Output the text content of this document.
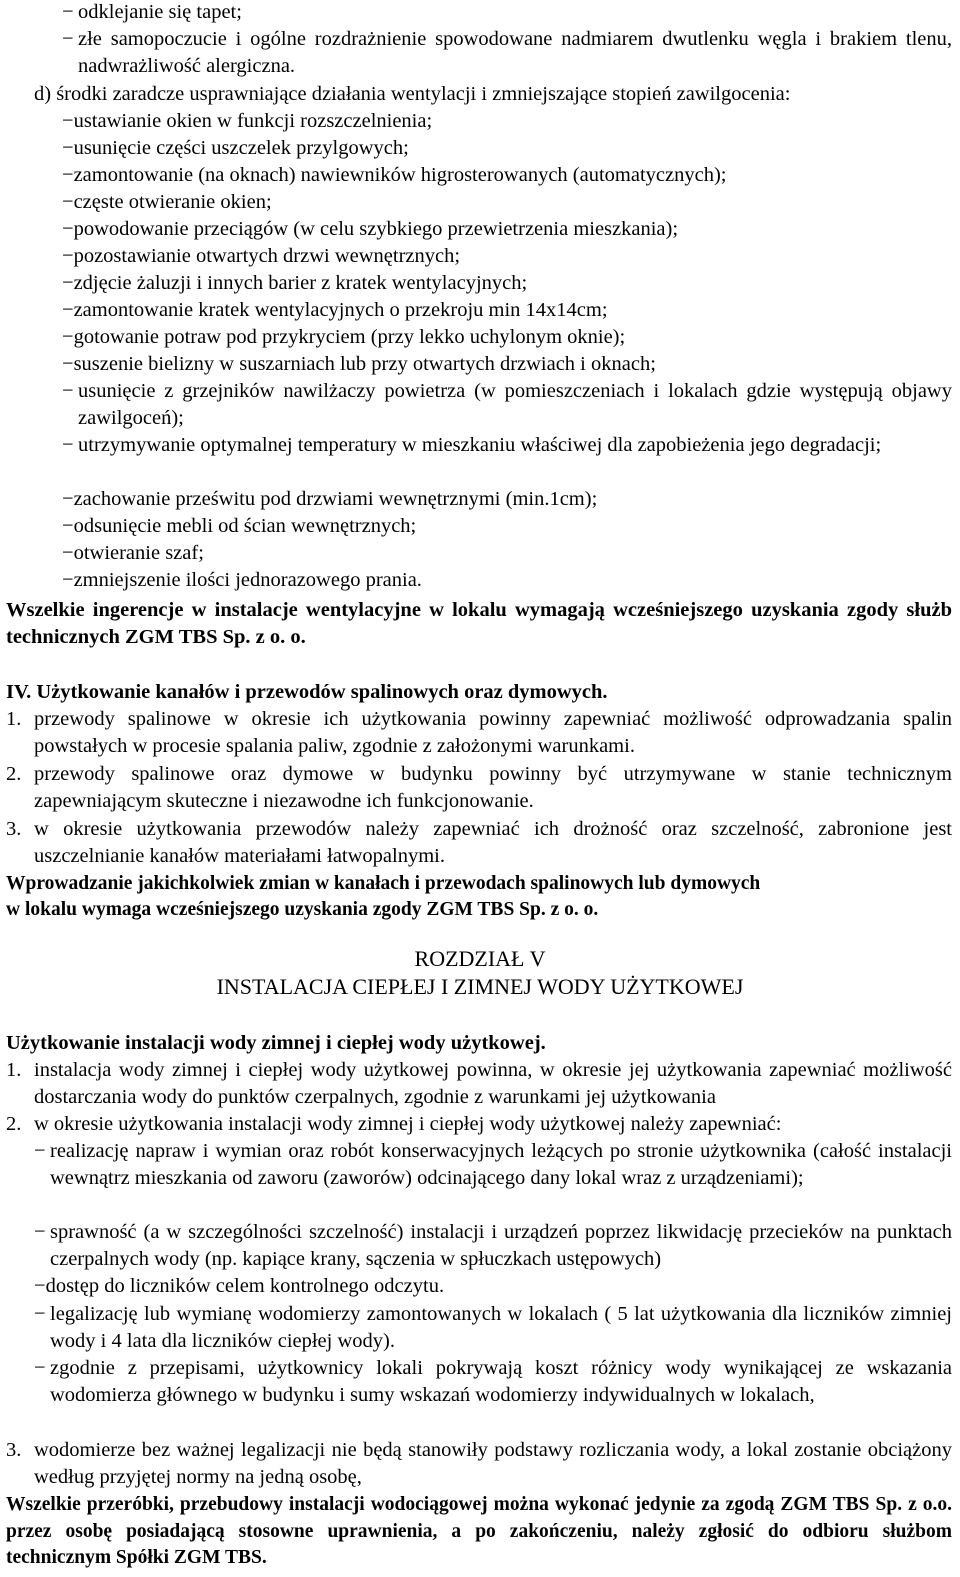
− odklejanie się tapet;
− złe samopoczucie i ogólne rozdrażnienie spowodowane nadmiarem dwutlenku węgla i brakiem tlenu, nadwrażliwość alergiczna.
d) środki zaradcze usprawniające działania wentylacji i zmniejszające stopień zawilgocenia:
−ustawianie okien w funkcji rozszczelnienia;
−usunięcie części uszczelek przylgowych;
−zamontowanie (na oknach) nawiewników higrosterowanych (automatycznych);
−częste otwieranie okien;
−powodowanie przeciągów (w celu szybkiego przewietrzenia mieszkania);
−pozostawianie otwartych drzwi wewnętrznych;
−zdjęcie żaluzji i innych barier z kratek wentylacyjnych;
−zamontowanie kratek wentylacyjnych o przekroju min 14x14cm;
−gotowanie potraw pod przykryciem (przy lekko uchylonym oknie);
−suszenie bielizny w suszarniach lub przy otwartych drzwiach i oknach;
− usunięcie z grzejników nawilżaczy powietrza (w pomieszczeniach i lokalach gdzie występują objawy zawilgoceń);
− utrzymywanie optymalnej temperatury w mieszkaniu właściwej dla zapobieżenia jego degradacji;
−zachowanie prześwitu pod drzwiami wewnętrznymi (min.1cm);
−odsunięcie mebli od ścian wewnętrznych;
−otwieranie szaf;
−zmniejszenie ilości jednorazowego prania.
Wszelkie ingerencje w instalacje wentylacyjne w lokalu wymagają wcześniejszego uzyskania zgody służb technicznych ZGM TBS Sp. z o. o.
IV. Użytkowanie kanałów i przewodów spalinowych oraz dymowych.
1. przewody spalinowe w okresie ich użytkowania powinny zapewniać możliwość odprowadzania spalin powstałych w procesie spalania paliw, zgodnie z założonymi warunkami.
2. przewody spalinowe oraz dymowe w budynku powinny być utrzymywane w stanie technicznym zapewniającym skuteczne i niezawodne ich funkcjonowanie.
3. w okresie użytkowania przewodów należy zapewniać ich drożność oraz szczelność, zabronione jest uszczelnianie kanałów materiałami łatwopalnymi.
Wprowadzanie jakichkolwiek zmian w kanałach i przewodach spalinowych lub dymowych
w lokalu wymaga wcześniejszego uzyskania zgody ZGM TBS Sp. z o. o.
ROZDZIAŁ V
INSTALACJA CIEPŁEJ I ZIMNEJ WODY UŻYTKOWEJ
Użytkowanie instalacji wody zimnej i ciepłej wody użytkowej.
1. instalacja wody zimnej i ciepłej wody użytkowej powinna, w okresie jej użytkowania zapewniać możliwość dostarczania wody do punktów czerpalnych, zgodnie z warunkami jej użytkowania
2. w okresie użytkowania instalacji wody zimnej i ciepłej wody użytkowej należy zapewniać:
− realizację napraw i wymian oraz robót konserwacyjnych leżących po stronie użytkownika (całość instalacji wewnątrz mieszkania od zaworu (zaworów) odcinającego dany lokal wraz z urządzeniami);
− sprawność (a w szczególności szczelność) instalacji i urządzeń poprzez likwidację przecieków na punktach czerpalnych wody (np. kapiące krany, sączenia w spłuczkach ustępowych)
−dostęp do liczników celem kontrolnego odczytu.
− legalizację lub wymianę wodomierzy zamontowanych w lokalach ( 5 lat użytkowania dla liczników zimniej wody i 4 lata dla liczników ciepłej wody).
− zgodnie z przepisami, użytkownicy lokali pokrywają koszt różnicy wody wynikającej ze wskazania wodomierza głównego w budynku i sumy wskazań wodomierzy indywidualnych w lokalach,
3. wodomierze bez ważnej legalizacji nie będą stanowiły podstawy rozliczania wody, a lokal zostanie obciążony według przyjętej normy na jedną osobę,
Wszelkie przeróbki, przebudowy instalacji wodociągowej można wykonać jedynie za zgodą ZGM TBS Sp. z o.o. przez osobę posiadającą stosowne uprawnienia, a po zakończeniu, należy zgłosić do odbioru służbom technicznym Spółki ZGM TBS.
